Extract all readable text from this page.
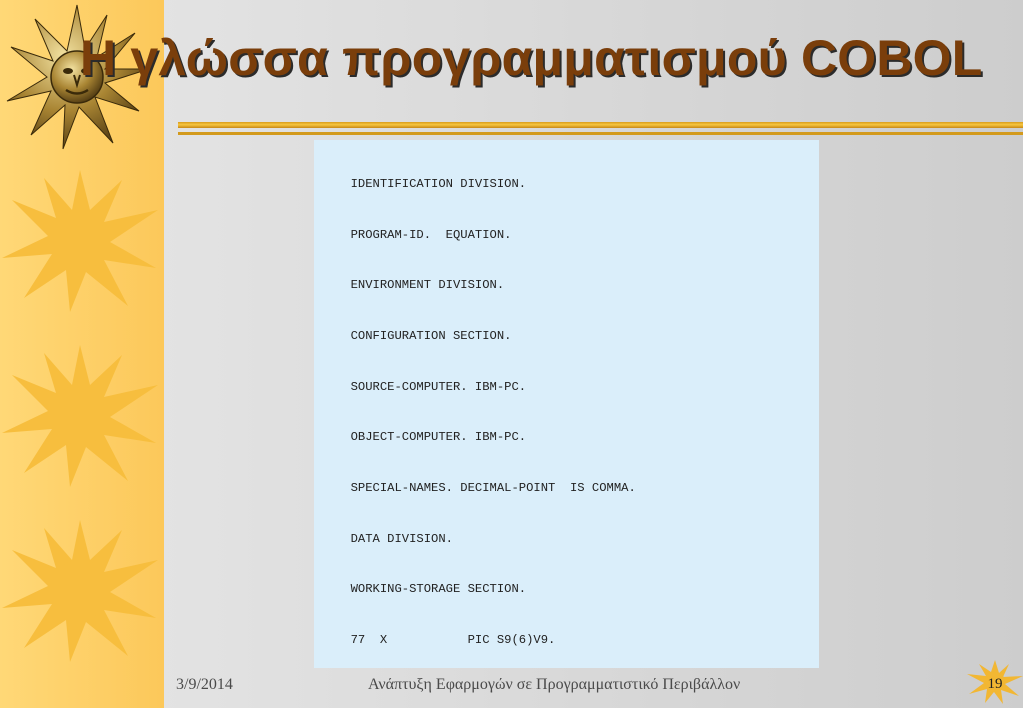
Η γλώσσα προγραμματισμού COBOL

IDENTIFICATION DIVISION.

PROGRAM-ID.  EQUATION.

ENVIRONMENT DIVISION.

CONFIGURATION SECTION.

SOURCE-COMPUTER. IBM-PC.

OBJECT-COMPUTER. IBM-PC.

SPECIAL-NAMES. DECIMAL-POINT  IS COMMA.

DATA DIVISION.

WORKING-STORAGE SECTION.

77  X           PIC S9(6)V9.

3/9/2014	Ανάπτυξη Εφαρμογών σε Προγραμματιστικό Περιβάλλον	19
